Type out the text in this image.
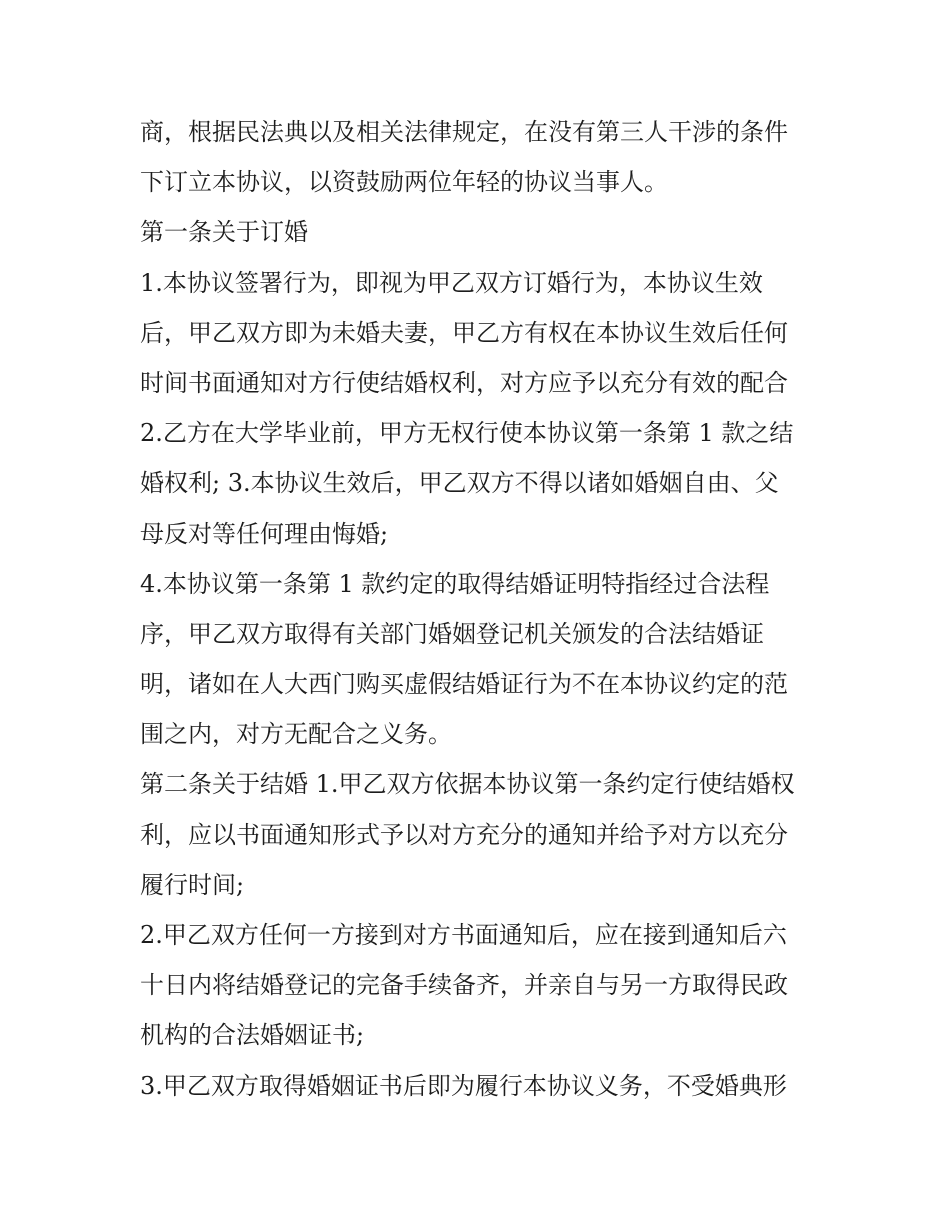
商，根据民法典以及相关法律规定，在没有第三人干涉的条件
下订立本协议，以资鼓励两位年轻的协议当事人。
第一条关于订婚
1.本协议签署行为，即视为甲乙双方订婚行为，本协议生效
后，甲乙双方即为未婚夫妻，甲乙方有权在本协议生效后任何
时间书面通知对方行使结婚权利，对方应予以充分有效的配合
2.乙方在大学毕业前，甲方无权行使本协议第一条第 1 款之结
婚权利; 3.本协议生效后，甲乙双方不得以诸如婚姻自由、父
母反对等任何理由悔婚;
4.本协议第一条第 1 款约定的取得结婚证明特指经过合法程
序，甲乙双方取得有关部门婚姻登记机关颁发的合法结婚证
明，诸如在人大西门购买虚假结婚证行为不在本协议约定的范
围之内，对方无配合之义务。
第二条关于结婚 1.甲乙双方依据本协议第一条约定行使结婚权
利，应以书面通知形式予以对方充分的通知并给予对方以充分
履行时间;
2.甲乙双方任何一方接到对方书面通知后，应在接到通知后六
十日内将结婚登记的完备手续备齐，并亲自与另一方取得民政
机构的合法婚姻证书;
3.甲乙双方取得婚姻证书后即为履行本协议义务，不受婚典形
